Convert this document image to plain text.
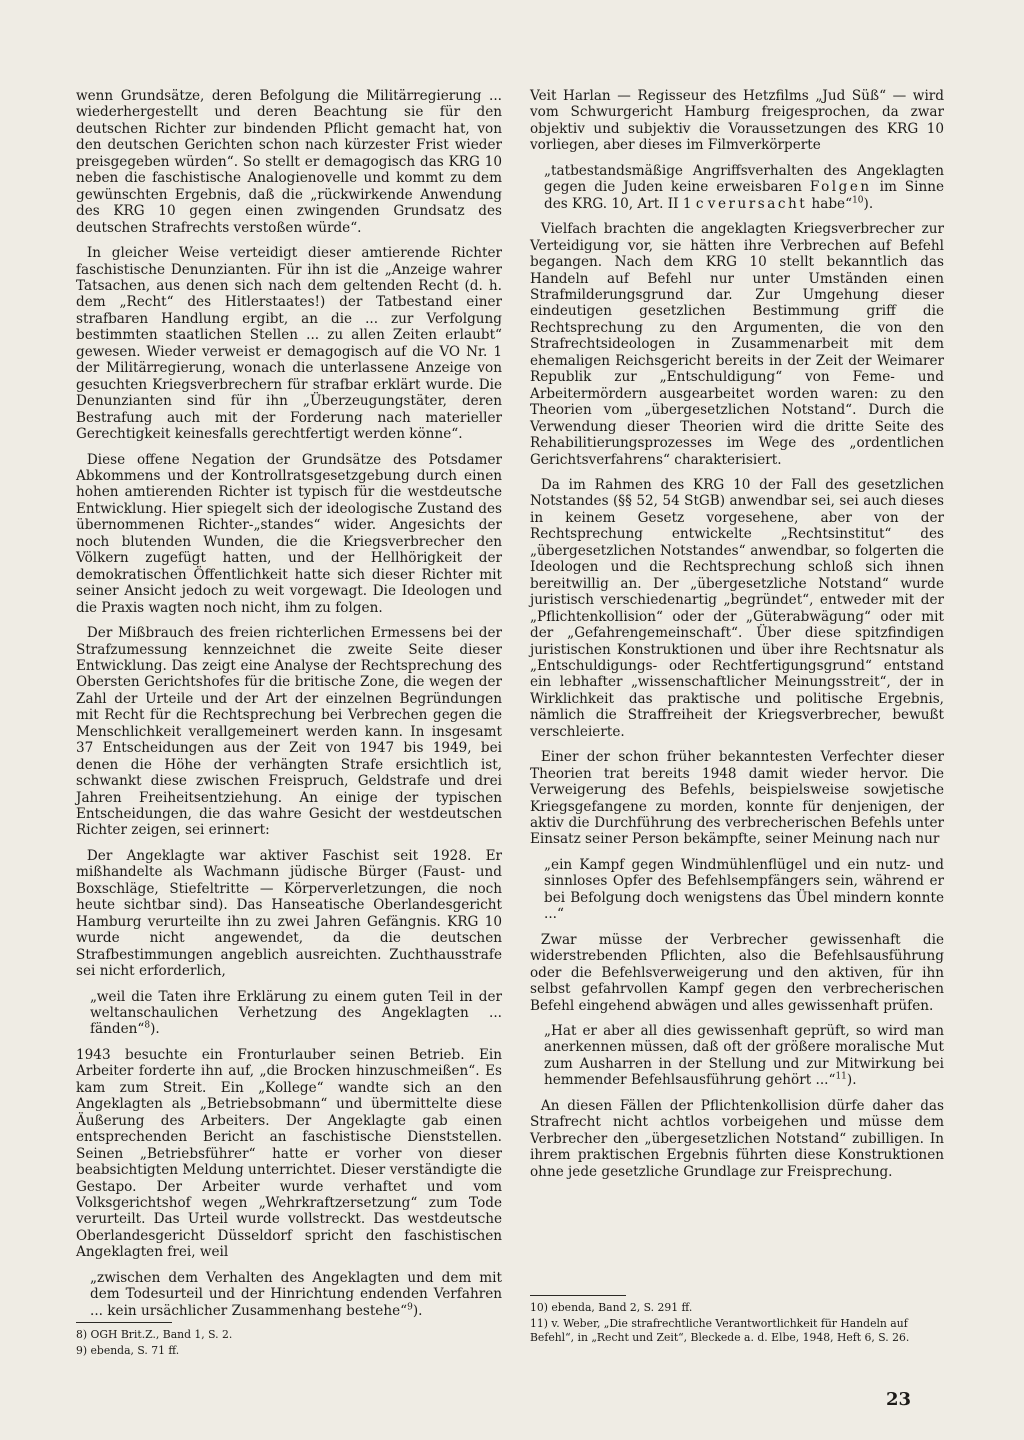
wenn Grundsätze, deren Befolgung die Militärregierung ... wiederhergestellt und deren Beachtung sie für den deutschen Richter zur bindenden Pflicht gemacht hat, von den deutschen Gerichten schon nach kürzester Frist wieder preisgegeben würden“. So stellt er demagogisch das KRG 10 neben die faschistische Analogienovelle und kommt zu dem gewünschten Ergebnis, daß die „rückwirkende Anwendung des KRG 10 gegen einen zwingenden Grundsatz des deutschen Strafrechts verstoßen würde“.

In gleicher Weise verteidigt dieser amtierende Richter faschistische Denunzianten. Für ihn ist die „Anzeige wahrer Tatsachen, aus denen sich nach dem geltenden Recht (d. h. dem „Recht“ des Hitlerstaates!) der Tatbestand einer strafbaren Handlung ergibt, an die ... zur Verfolgung bestimmten staatlichen Stellen ... zu allen Zeiten erlaubt“ gewesen. Wieder verweist er demagogisch auf die VO Nr. 1 der Militärregierung, wonach die unterlassene Anzeige von gesuchten Kriegsverbrechern für strafbar erklärt wurde. Die Denunzianten sind für ihn „Überzeugungstäter, deren Bestrafung auch mit der Forderung nach materieller Gerechtigkeit keinesfalls gerechtfertigt werden könne“.

Diese offene Negation der Grundsätze des Potsdamer Abkommens und der Kontrollratsgesetzgebung durch einen hohen amtierenden Richter ist typisch für die westdeutsche Entwicklung. Hier spiegelt sich der ideologische Zustand des übernommenen Richter-„standes“ wider. Angesichts der noch blutenden Wunden, die die Kriegsverbrecher den Völkern zugefügt hatten, und der Hellhörigkeit der demokratischen Öffentlichkeit hatte sich dieser Richter mit seiner Ansicht jedoch zu weit vorgewagt. Die Ideologen und die Praxis wagten noch nicht, ihm zu folgen.

Der Mißbrauch des freien richterlichen Ermessens bei der Strafzumessung kennzeichnet die zweite Seite dieser Entwicklung. Das zeigt eine Analyse der Rechtsprechung des Obersten Gerichtshofes für die britische Zone, die wegen der Zahl der Urteile und der Art der einzelnen Begründungen mit Recht für die Rechtsprechung bei Verbrechen gegen die Menschlichkeit verallgemeinert werden kann. In insgesamt 37 Entscheidungen aus der Zeit von 1947 bis 1949, bei denen die Höhe der verhängten Strafe ersichtlich ist, schwankt diese zwischen Freispruch, Geldstrafe und drei Jahren Freiheitsentziehung. An einige der typischen Entscheidungen, die das wahre Gesicht der westdeutschen Richter zeigen, sei erinnert:

Der Angeklagte war aktiver Faschist seit 1928. Er mißhandelte als Wachmann jüdische Bürger (Faust- und Boxschläge, Stiefeltritte — Körperverletzungen, die noch heute sichtbar sind). Das Hanseatische Oberlandesgericht Hamburg verurteilte ihn zu zwei Jahren Gefängnis. KRG 10 wurde nicht angewendet, da die deutschen Strafbestimmungen angeblich ausreichten. Zuchthausstrafe sei nicht erforderlich,

„weil die Taten ihre Erklärung zu einem guten Teil in der weltanschaulichen Verhetzung des Angeklagten ... fänden“$^8$).

1943 besuchte ein Fronturlauber seinen Betrieb. Ein Arbeiter forderte ihn auf, „die Brocken hinzuschmeißen“. Es kam zum Streit. Ein „Kollege“ wandte sich an den Angeklagten als „Betriebsobmann“ und übermittelte diese Äußerung des Arbeiters. Der Angeklagte gab einen entsprechenden Bericht an faschistische Dienststellen. Seinen „Betriebsführer“ hatte er vorher von dieser beabsichtigten Meldung unterrichtet. Dieser verständigte die Gestapo. Der Arbeiter wurde verhaftet und vom Volksgerichtshof wegen „Wehrkraftzersetzung“ zum Tode verurteilt. Das Urteil wurde vollstreckt. Das westdeutsche Oberlandesgericht Düsseldorf spricht den faschistischen Angeklagten frei, weil

„zwischen dem Verhalten des Angeklagten und dem mit dem Todesurteil und der Hinrichtung endenden Verfahren ... kein ursächlicher Zusammenhang bestehe“$^9$).
8) OGH Brit.Z., Band 1, S. 2.
9) ebenda, S. 71 ff.

Veit Harlan — Regisseur des Hetzfilms „Jud Süß“ — wird vom Schwurgericht Hamburg freigesprochen, da zwar objektiv und subjektiv die Voraussetzungen des KRG 10 vorliegen, aber dieses im Filmverkörperte

„tatbestandsmäßige Angriffsverhalten des Angeklagten gegen die Juden keine erweisbaren Folgen im Sinne des KRG. 10, Art. II 1 c verursacht habe“$^{10}$).

Vielfach brachten die angeklagten Kriegsverbrecher zur Verteidigung vor, sie hätten ihre Verbrechen auf Befehl begangen. Nach dem KRG 10 stellt bekanntlich das Handeln auf Befehl nur unter Umständen einen Strafmilderungsgrund dar. Zur Umgehung dieser eindeutigen gesetzlichen Bestimmung griff die Rechtsprechung zu den Argumenten, die von den Strafrechtsideologen in Zusammenarbeit mit dem ehemaligen Reichsgericht bereits in der Zeit der Weimarer Republik zur „Entschuldigung“ von Feme- und Arbeitermördern ausgearbeitet worden waren: zu den Theorien vom „übergesetzlichen Notstand“. Durch die Verwendung dieser Theorien wird die dritte Seite des Rehabilitierungsprozesses im Wege des „ordentlichen Gerichtsverfahrens“ charakterisiert.

Da im Rahmen des KRG 10 der Fall des gesetzlichen Notstandes (§§ 52, 54 StGB) anwendbar sei, sei auch dieses in keinem Gesetz vorgesehene, aber von der Rechtsprechung entwickelte „Rechtsinstitut“ des „übergesetzlichen Notstandes“ anwendbar, so folgerten die Ideologen und die Rechtsprechung schloß sich ihnen bereitwillig an. Der „übergesetzliche Notstand“ wurde juristisch verschiedenartig „begründet“, entweder mit der „Pflichtenkollision“ oder der „Güterabwägung“ oder mit der „Gefahrengemeinschaft“. Über diese spitzfindigen juristischen Konstruktionen und über ihre Rechtsnatur als „Entschuldigungs- oder Rechtfertigungsgrund“ entstand ein lebhafter „wissenschaftlicher Meinungsstreit“, der in Wirklichkeit das praktische und politische Ergebnis, nämlich die Straffreiheit der Kriegsverbrecher, bewußt verschleierte.

Einer der schon früher bekanntesten Verfechter dieser Theorien trat bereits 1948 damit wieder hervor. Die Verweigerung des Befehls, beispielsweise sowjetische Kriegsgefangene zu morden, konnte für denjenigen, der aktiv die Durchführung des verbrecherischen Befehls unter Einsatz seiner Person bekämpfte, seiner Meinung nach nur

„ein Kampf gegen Windmühlenflügel und ein nutz- und sinnloses Opfer des Befehlsempfängers sein, während er bei Befolgung doch wenigstens das Übel mindern konnte ...“

Zwar müsse der Verbrecher gewissenhaft die widerstrebenden Pflichten, also die Befehlsausführung oder die Befehlsverweigerung und den aktiven, für ihn selbst gefahrvollen Kampf gegen den verbrecherischen Befehl eingehend abwägen und alles gewissenhaft prüfen.

„Hat er aber all dies gewissenhaft geprüft, so wird man anerkennen müssen, daß oft der größere moralische Mut zum Ausharren in der Stellung und zur Mitwirkung bei hemmender Befehlsausführung gehört ...“$^{11}$).

An diesen Fällen der Pflichtenkollision dürfe daher das Strafrecht nicht achtlos vorbeigehen und müsse dem Verbrecher den „übergesetzlichen Notstand“ zubilligen. In ihrem praktischen Ergebnis führten diese Konstruktionen ohne jede gesetzliche Grundlage zur Freisprechung.

10) ebenda, Band 2, S. 291 ff.
11) v. Weber, „Die strafrechtliche Verantwortlichkeit für Handeln auf Befehl“, in „Recht und Zeit“, Bleckede a. d. Elbe, 1948, Heft 6, S. 26.
23
